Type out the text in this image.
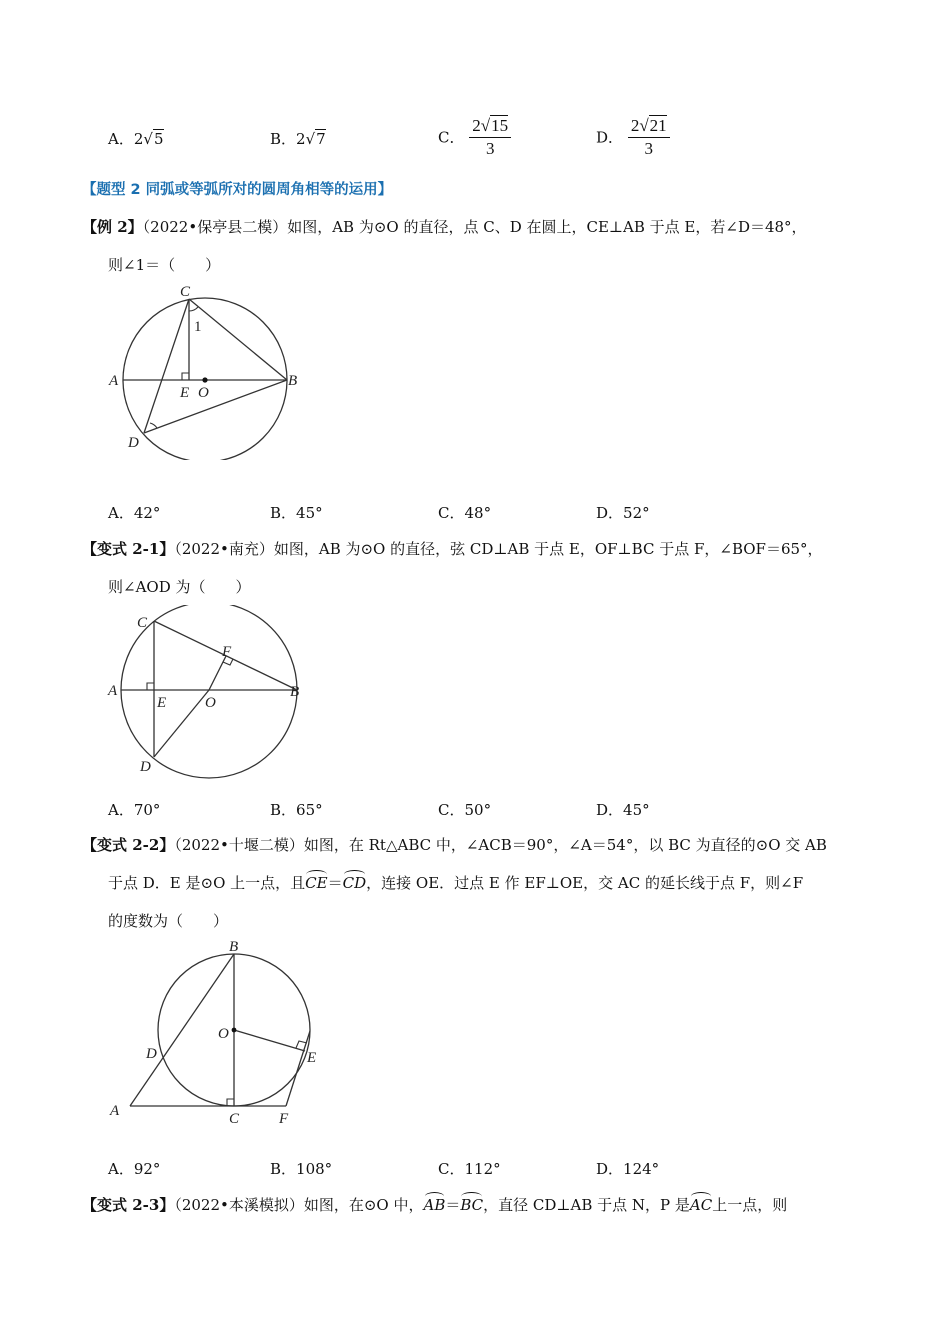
A．2√5	B．2√7	C． $\frac{2√15}{3}$	D． $\frac{2√21}{3}$
【题型 2 同弧或等弧所对的圆周角相等的运用】
【例 2】（2022•保亭县二模）如图，AB 为⊙O 的直径，点 C、D 在圆上，CE⊥AB 于点 E，若∠D＝48°，
则∠1＝（　　）
C
1
A	B
E O
D
A．42°	B．45°	C．48°	D．52°
【变式 2-1】（2022•南充）如图，AB 为⊙O 的直径，弦 CD⊥AB 于点 E，OF⊥BC 于点 F，∠BOF＝65°，
则∠AOD 为（　　）
C
F
A	B
E	O
D
A．70°	B．65°	C．50°	D．45°
【变式 2-2】（2022•十堰二模）如图，在 Rt△ABC 中，∠ACB＝90°，∠A＝54°，以 BC 为直径的⊙O 交 AB
于点 D．E 是⊙O 上一点，且CE＝CD，连接 OE．过点 E 作 EF⊥OE，交 AC 的延长线于点 F，则∠F
的度数为（　　）
B
O
D	E
A	C	F
A．92°	B．108°	C．112°	D．124°
【变式 2-3】（2022•本溪模拟）如图，在⊙O 中，AB＝BC，直径 CD⊥AB 于点 N，P 是AC上一点，则
